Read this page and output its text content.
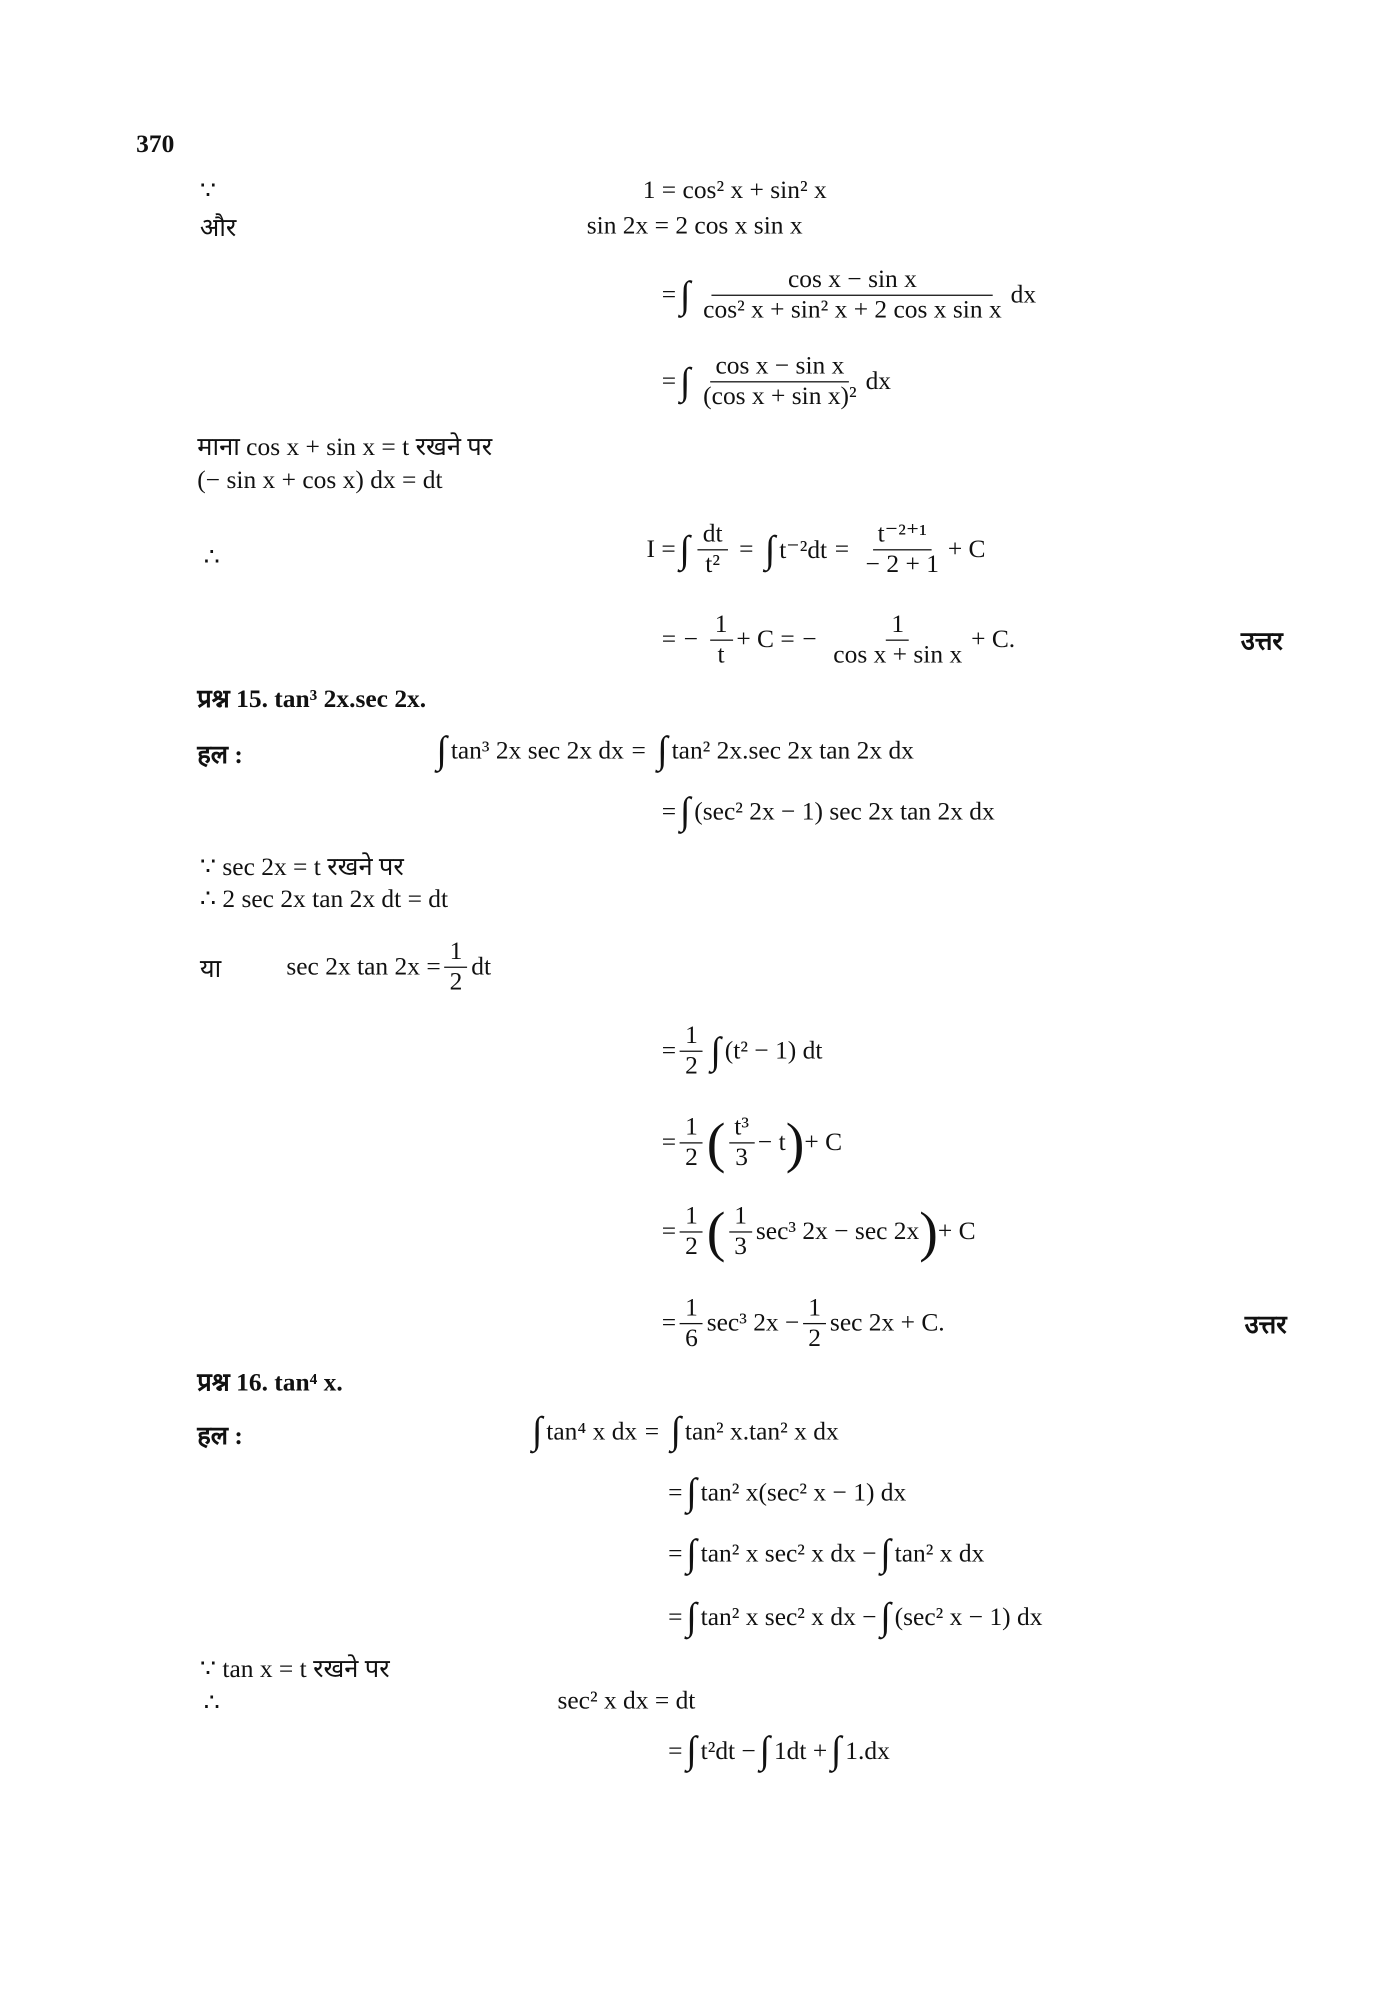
370
∵	1 = cos² x + sin² x
और	sin 2x = 2 cos x sin x
= ∫ $\frac{\text{cos x − sin x}}{\text{cos² x + sin² x + 2 cos x sin x}}$ dx
= ∫ $\frac{\text{cos x − sin x}}{\text{(cos x + sin x)²}}$ dx
माना cos x + sin x = t रखने पर
(− sin x + cos x) dx = dt
∴	I = ∫ $\frac{dt}{\text{t²}}$ = ∫ $t^{-2}dt = \frac{\text{t⁻²⁺¹}}{- 2 + 1} + C$
= − $\frac{1}{t} + C$ = − $\frac{1}{\text{cos x + sin x}} + C$.	उत्तर
प्रश्न 15. tan³ 2x.sec 2x.
हल :	∫ tan³ 2x sec 2x dx = ∫ tan² 2x.sec 2x tan 2x dx
= ∫ (sec² 2x − 1) sec 2x tan 2x dx
∵ sec 2x = t रखने पर
∴ 2 sec 2x tan 2x dt = dt
या	sec 2x $\tan 2x = \frac{1}{2}$ dt
= $\frac{1}{2}$ ∫ (t² − 1) dt
= $\frac{1}{2}$ ( $\frac{\text{t³}}{3} - t$ ) + C
= $\frac{1}{2}$ ( $\frac{1}{3} \sec^3$ 2x − sec 2x ) + C
= $\frac{1}{6} \sec^3$ $2x - \frac{1}{2}$ sec 2x + C.	उत्तर
प्रश्न 16. tan⁴ x.
हल :	∫ tan⁴ x dx = ∫ tan² x.tan² x dx
= ∫ tan² x(sec² x − 1) dx
= ∫ tan² x sec² x dx − ∫ tan² x dx
= ∫ tan² x sec² x dx − ∫ (sec² x − 1) dx
∵ tan x = t रखने पर
∴	sec² x dx = dt
= ∫ t²dt − ∫ 1dt + ∫ 1.dx
